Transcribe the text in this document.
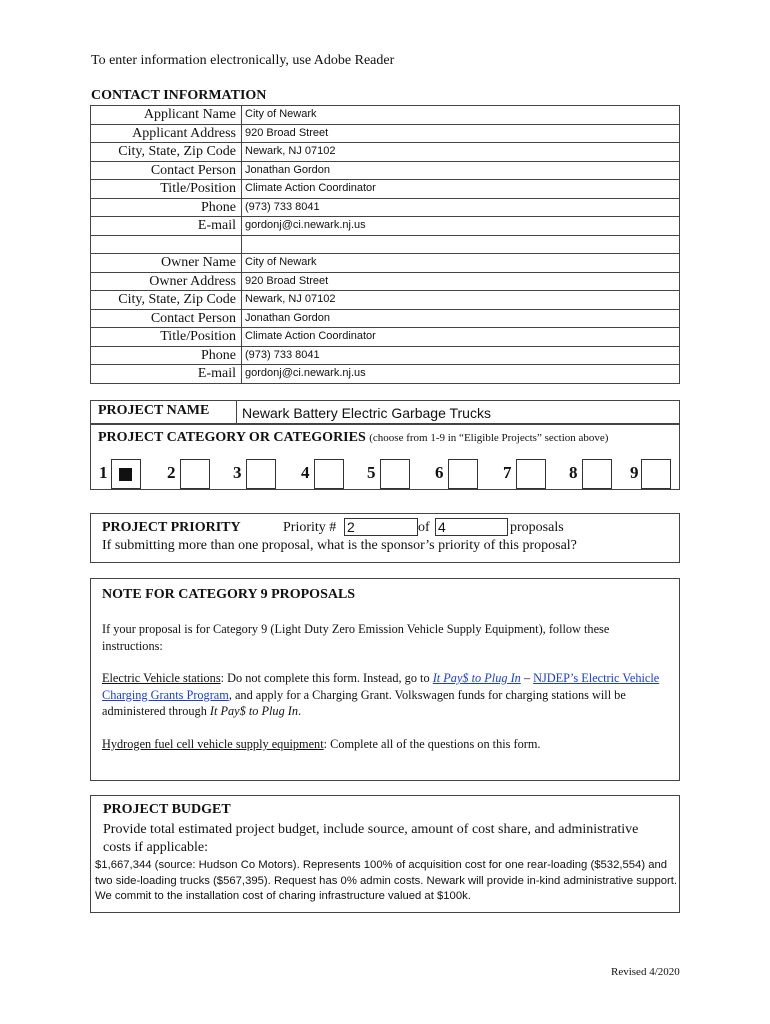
To enter information electronically, use Adobe Reader
CONTACT INFORMATION
Applicant Name	City of Newark
Applicant Address	920 Broad Street
City, State, Zip Code	Newark, NJ 07102
Contact Person	Jonathan Gordon
Title/Position	Climate Action Coordinator
Phone	(973) 733 8041
E-mail	gordonj@ci.newark.nj.us

Owner Name	City of Newark
Owner Address	920 Broad Street
City, State, Zip Code	Newark, NJ 07102
Contact Person	Jonathan Gordon
Title/Position	Climate Action Coordinator
Phone	(973) 733 8041
E-mail	gordonj@ci.newark.nj.us
PROJECT NAME Newark Battery Electric Garbage Trucks
PROJECT CATEGORY OR CATEGORIES (choose from 1-9 in “Eligible Projects” section above)
1	2	3	4	5	6	7	8	9
PROJECT PRIORITY	Priority # 2	of 4	proposals
If submitting more than one proposal, what is the sponsor’s priority of this proposal?
NOTE FOR CATEGORY 9 PROPOSALS
If your proposal is for Category 9 (Light Duty Zero Emission Vehicle Supply Equipment), follow these instructions:
Electric Vehicle stations: Do not complete this form. Instead, go to It Pay$ to Plug In – NJDEP’s Electric Vehicle Charging Grants Program, and apply for a Charging Grant. Volkswagen funds for charging stations will be administered through It Pay$ to Plug In.
Hydrogen fuel cell vehicle supply equipment: Complete all of the questions on this form.
PROJECT BUDGET
Provide total estimated project budget, include source, amount of cost share, and administrative costs if applicable:
$1,667,344 (source: Hudson Co Motors). Represents 100% of acquisition cost for one rear-loading ($532,554) and two side-loading trucks ($567,395). Request has 0% admin costs. Newark will provide in-kind administrative support. We commit to the installation cost of charing infrastructure valued at $100k.
Revised 4/2020
